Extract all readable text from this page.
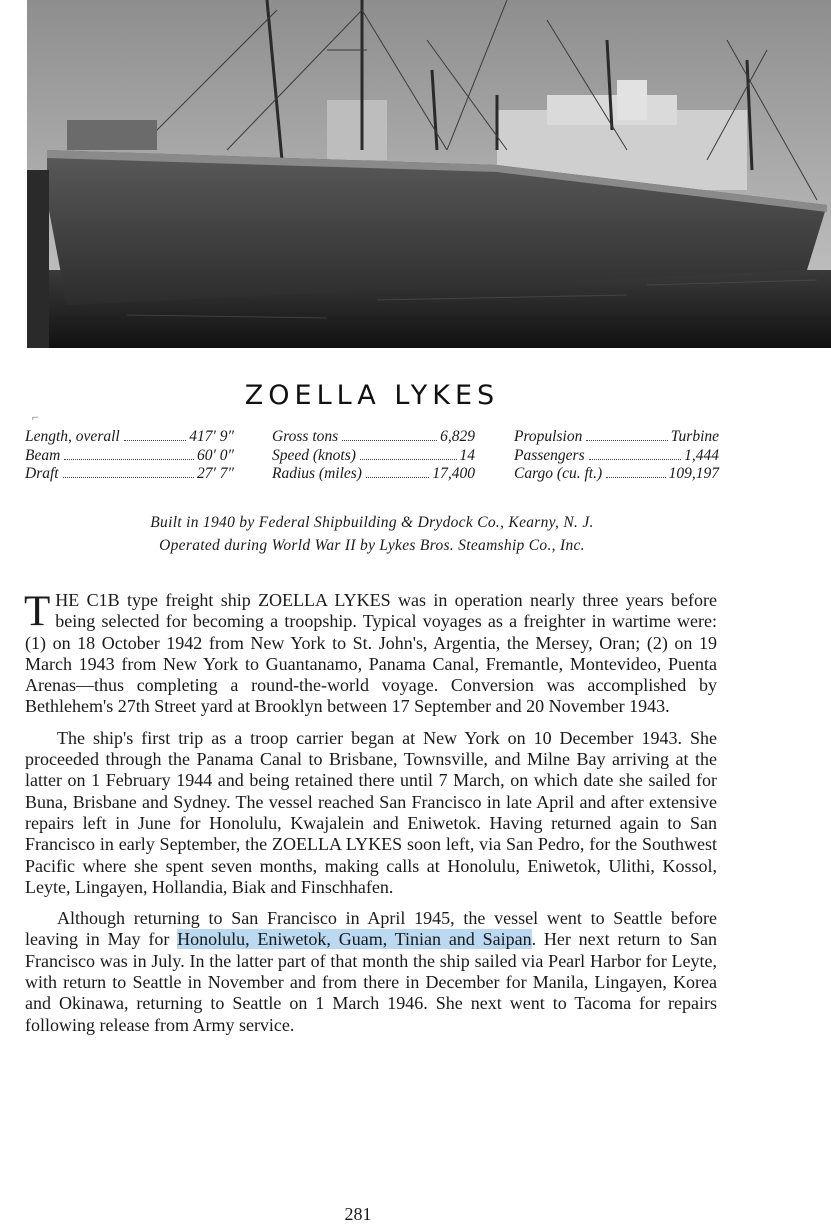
ZOELLA LYKES
⌐
Length, overall	417′ 9″
Beam	60′ 0″
Draft	27′ 7″
Gross tons	6,829
Speed (knots)	14
Radius (miles)	17,400
Propulsion	Turbine
Passengers	1,444
Cargo (cu. ft.)	109,197
Built in 1940 by Federal Shipbuilding & Drydock Co., Kearny, N. J.
Operated during World War II by Lykes Bros. Steamship Co., Inc.

THE C1B type freight ship ZOELLA LYKES was in operation nearly three years before being selected for becoming a troopship. Typical voyages as a freighter in wartime were: (1) on 18 October 1942 from New York to St. John's, Argentia, the Mersey, Oran; (2) on 19 March 1943 from New York to Guantanamo, Panama Canal, Fremantle, Montevideo, Puenta Arenas—thus completing a round-the-world voyage. Conversion was accomplished by Bethlehem's 27th Street yard at Brooklyn between 17 September and 20 November 1943.

The ship's first trip as a troop carrier began at New York on 10 December 1943. She proceeded through the Panama Canal to Brisbane, Townsville, and Milne Bay arriving at the latter on 1 February 1944 and being retained there until 7 March, on which date she sailed for Buna, Brisbane and Sydney. The vessel reached San Francisco in late April and after extensive repairs left in June for Honolulu, Kwajalein and Eniwetok. Having returned again to San Francisco in early September, the ZOELLA LYKES soon left, via San Pedro, for the Southwest Pacific where she spent seven months, making calls at Honolulu, Eniwetok, Ulithi, Kossol, Leyte, Lingayen, Hollandia, Biak and Finschhafen.

Although returning to San Francisco in April 1945, the vessel went to Seattle before leaving in May for Honolulu, Eniwetok, Guam, Tinian and Saipan. Her next return to San Francisco was in July. In the latter part of that month the ship sailed via Pearl Harbor for Leyte, with return to Seattle in November and from there in December for Manila, Lingayen, Korea and Okinawa, returning to Seattle on 1 March 1946. She next went to Tacoma for repairs following release from Army service.

281
